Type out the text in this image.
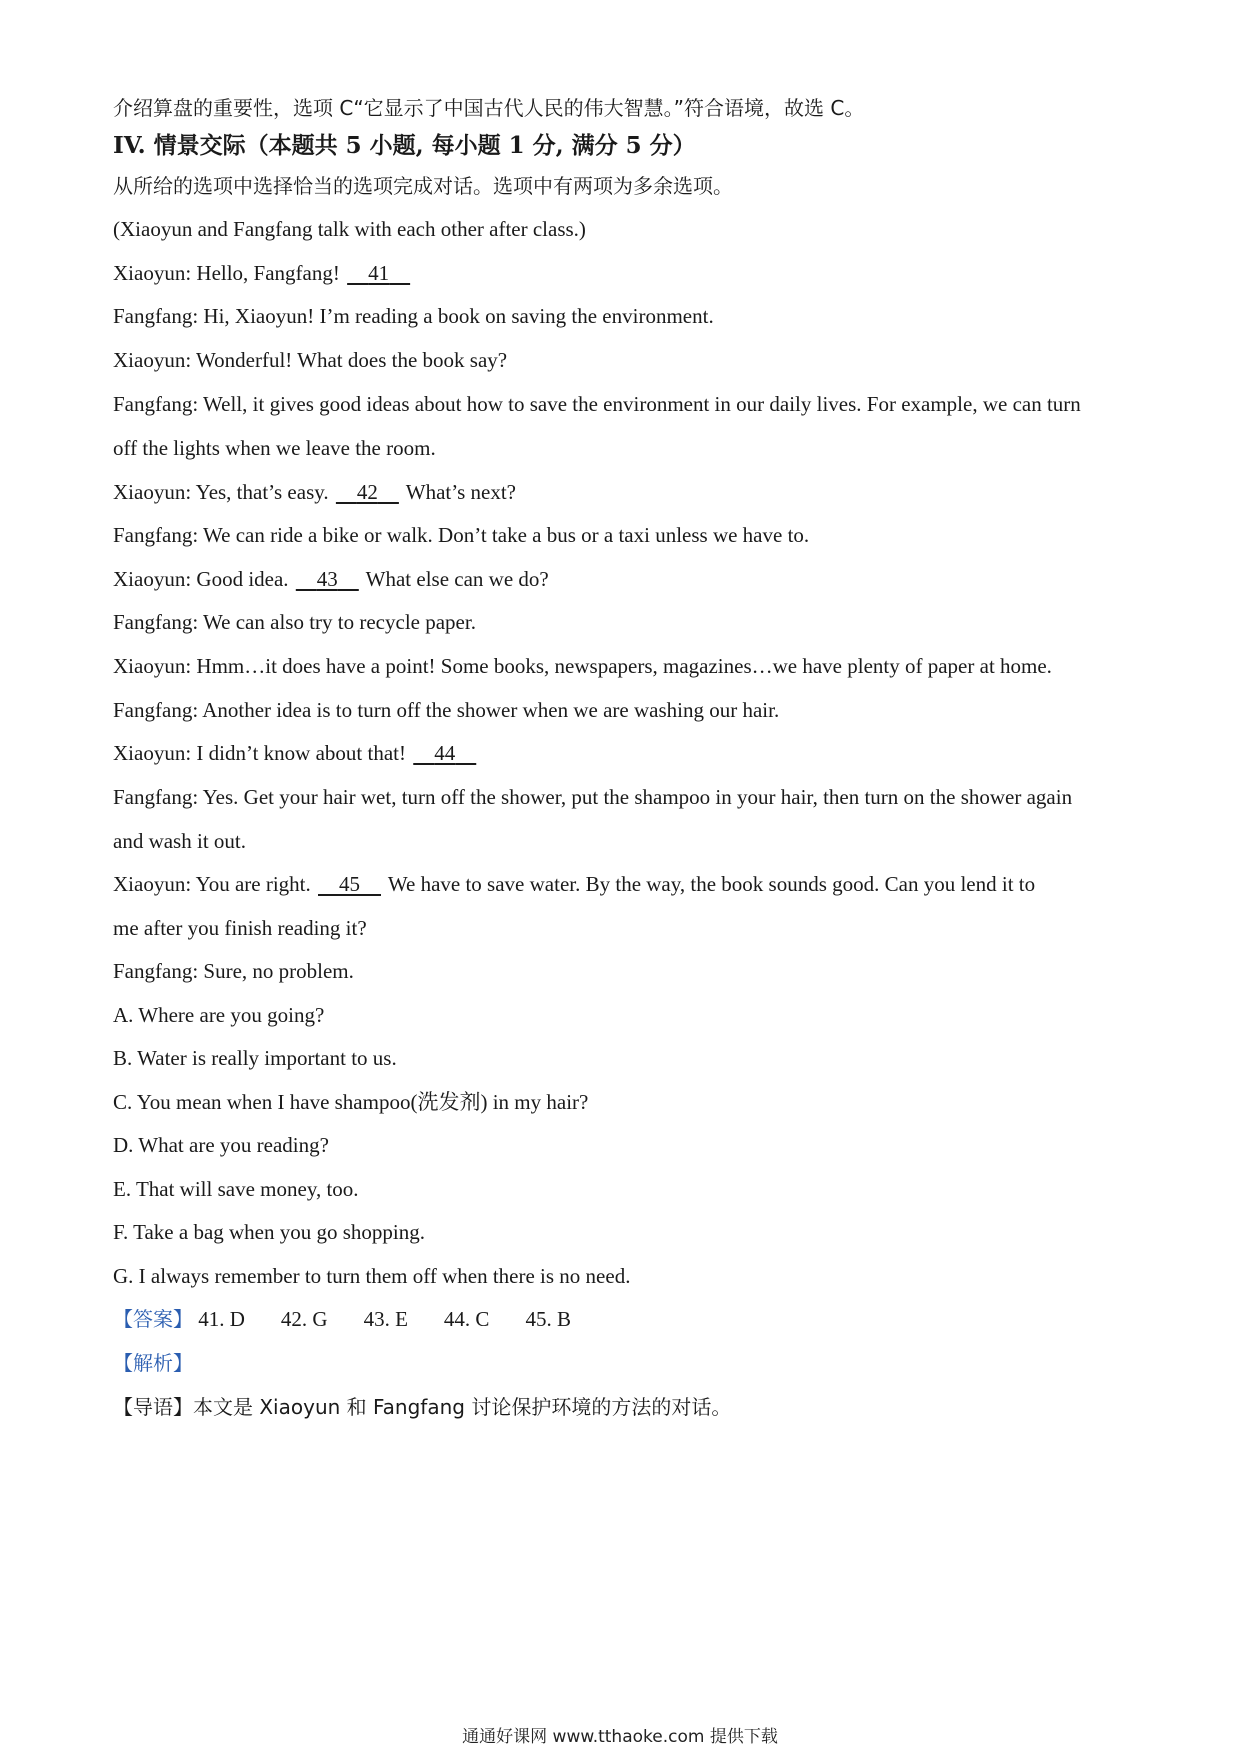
介绍算盘的重要性，选项 C“它显示了中国古代人民的伟大智慧。”符合语境，故选 C。
IV. 情景交际（本题共 5 小题, 每小题 1 分, 满分 5 分）
从所给的选项中选择恰当的选项完成对话。选项中有两项为多余选项。
(Xiaoyun and Fangfang talk with each other after class.)
Xiaoyun: Hello, Fangfang!     41
Fangfang: Hi, Xiaoyun! I’m reading a book on saving the environment.
Xiaoyun: Wonderful! What does the book say?
Fangfang: Well, it gives good ideas about how to save the environment in our daily lives. For example, we can turn
off the lights when we leave the room.
Xiaoyun: Yes, that’s easy.     42     What’s next?
Fangfang: We can ride a bike or walk. Don’t take a bus or a taxi unless we have to.
Xiaoyun: Good idea.     43     What else can we do?
Fangfang: We can also try to recycle paper.
Xiaoyun: Hmm…it does have a point! Some books, newspapers, magazines…we have plenty of paper at home.
Fangfang: Another idea is to turn off the shower when we are washing our hair.
Xiaoyun: I didn’t know about that!     44
Fangfang: Yes. Get your hair wet, turn off the shower, put the shampoo in your hair, then turn on the shower again
and wash it out.
Xiaoyun: You are right.     45     We have to save water. By the way, the book sounds good. Can you lend it to
me after you finish reading it?
Fangfang: Sure, no problem.
A. Where are you going?
B. Water is really important to us.
C. You mean when I have shampoo(洗发剂) in my hair?
D. What are you reading?
E. That will save money, too.
F. Take a bag when you go shopping.
G. I always remember to turn them off when there is no need.
【答案】 41. D 42. G 43. E 44. C 45. B
【解析】
【导语】本文是 Xiaoyun 和 Fangfang 讨论保护环境的方法的对话。
通通好课网 www.tthaoke.com 提供下载
